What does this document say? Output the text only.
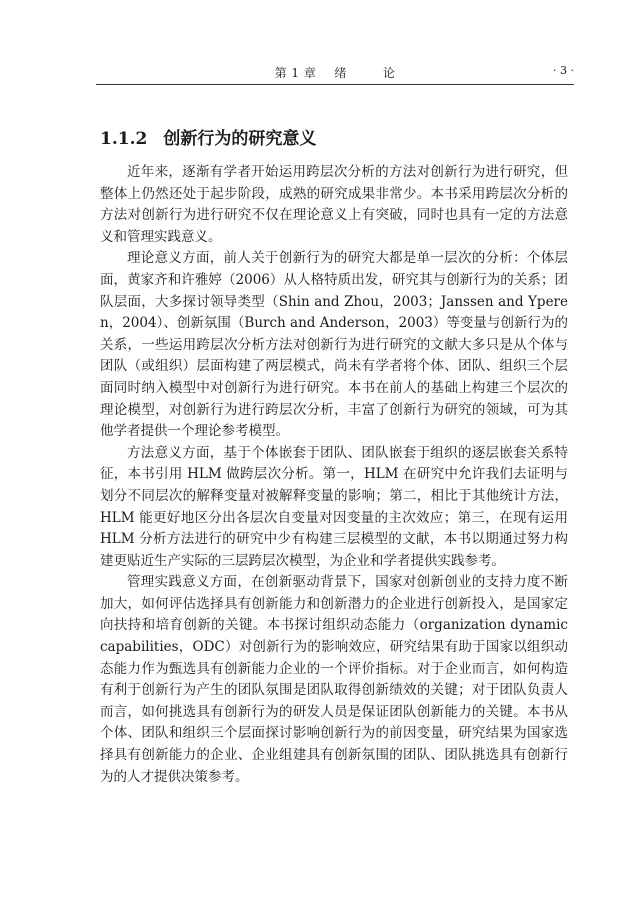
第 1 章 绪	论	· 3 ·
1.1.2 创新行为的研究意义

近年来，逐渐有学者开始运用跨层次分析的方法对创新行为进行研究，但整体上仍然还处于起步阶段，成熟的研究成果非常少。本书采用跨层次分析的方法对创新行为进行研究不仅在理论意义上有突破，同时也具有一定的方法意义和管理实践意义。

理论意义方面，前人关于创新行为的研究大都是单一层次的分析：个体层面，黄家齐和许雅婷（2006）从人格特质出发，研究其与创新行为的关系；团队层面，大多探讨领导类型（Shin and Zhou，2003；Janssen and Yperen，2004）、创新氛围（Burch and Anderson，2003）等变量与创新行为的关系，一些运用跨层次分析方法对创新行为进行研究的文献大多只是从个体与团队（或组织）层面构建了两层模式，尚未有学者将个体、团队、组织三个层面同时纳入模型中对创新行为进行研究。本书在前人的基础上构建三个层次的理论模型，对创新行为进行跨层次分析，丰富了创新行为研究的领域，可为其他学者提供一个理论参考模型。

方法意义方面，基于个体嵌套于团队、团队嵌套于组织的逐层嵌套关系特征，本书引用 HLM 做跨层次分析。第一，HLM 在研究中允许我们去证明与划分不同层次的解释变量对被解释变量的影响；第二，相比于其他统计方法，HLM 能更好地区分出各层次自变量对因变量的主次效应；第三，在现有运用 HLM 分析方法进行的研究中少有构建三层模型的文献，本书以期通过努力构建更贴近生产实际的三层跨层次模型，为企业和学者提供实践参考。

管理实践意义方面，在创新驱动背景下，国家对创新创业的支持力度不断加大，如何评估选择具有创新能力和创新潜力的企业进行创新投入，是国家定向扶持和培育创新的关键。本书探讨组织动态能力（organization dynamic capabilities，ODC）对创新行为的影响效应，研究结果有助于国家以组织动态能力作为甄选具有创新能力企业的一个评价指标。对于企业而言，如何构造有利于创新行为产生的团队氛围是团队取得创新绩效的关键；对于团队负责人而言，如何挑选具有创新行为的研发人员是保证团队创新能力的关键。本书从个体、团队和组织三个层面探讨影响创新行为的前因变量，研究结果为国家选择具有创新能力的企业、企业组建具有创新氛围的团队、团队挑选具有创新行为的人才提供决策参考。
